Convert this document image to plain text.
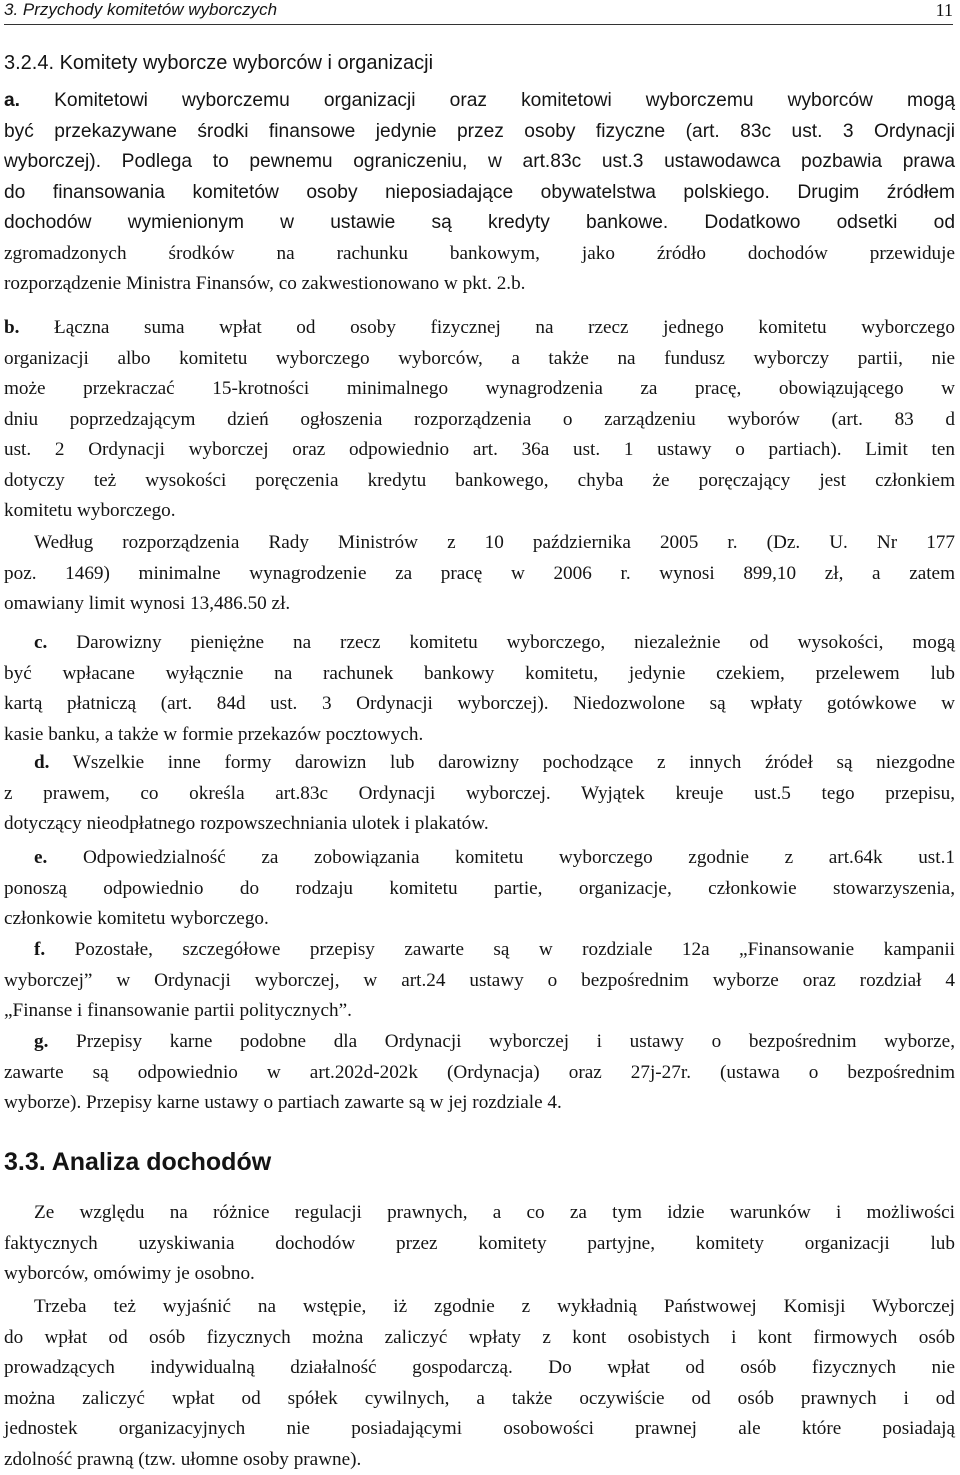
3. Przychody komitetów wyborczych	11
3.2.4. Komitety wyborcze wyborców i organizacji
a. Komitetowi wyborczemu organizacji oraz komitetowi wyborczemu wyborców mogą
być przekazywane środki finansowe jedynie przez osoby fizyczne (art. 83c ust. 3 Ordynacji
wyborczej). Podlega to pewnemu ograniczeniu, w art.83c ust.3 ustawodawca pozbawia prawa
do finansowania komitetów osoby nieposiadające obywatelstwa polskiego. Drugim źródłem
dochodów wymienionym w ustawie są kredyty bankowe. Dodatkowo odsetki od
zgromadzonych środków na rachunku bankowym, jako źródło dochodów przewiduje
rozporządzenie Ministra Finansów, co zakwestionowano w pkt. 2.b.
b. Łączna suma wpłat od osoby fizycznej na rzecz jednego komitetu wyborczego
organizacji albo komitetu wyborczego wyborców, a także na fundusz wyborczy partii, nie
może przekraczać 15-krotności minimalnego wynagrodzenia za pracę, obowiązującego w
dniu poprzedzającym dzień ogłoszenia rozporządzenia o zarządzeniu wyborów (art. 83 d
ust. 2 Ordynacji wyborczej oraz odpowiednio art. 36a ust. 1 ustawy o partiach). Limit ten
dotyczy też wysokości poręczenia kredytu bankowego, chyba że poręczający jest członkiem
komitetu wyborczego.
Według rozporządzenia Rady Ministrów z 10 października 2005 r. (Dz. U. Nr 177
poz. 1469) minimalne wynagrodzenie za pracę w 2006 r. wynosi 899,10 zł, a zatem
omawiany limit wynosi 13,486.50 zł.
c. Darowizny pieniężne na rzecz komitetu wyborczego, niezależnie od wysokości, mogą
być wpłacane wyłącznie na rachunek bankowy komitetu, jedynie czekiem, przelewem lub
kartą płatniczą (art. 84d ust. 3 Ordynacji wyborczej). Niedozwolone są wpłaty gotówkowe w
kasie banku, a także w formie przekazów pocztowych.
d. Wszelkie inne formy darowizn lub darowizny pochodzące z innych źródeł są niezgodne
z prawem, co określa art.83c Ordynacji wyborczej. Wyjątek kreuje ust.5 tego przepisu,
dotyczący nieodpłatnego rozpowszechniania ulotek i plakatów.
e. Odpowiedzialność za zobowiązania komitetu wyborczego zgodnie z art.64k ust.1
ponoszą odpowiednio do rodzaju komitetu partie, organizacje, członkowie stowarzyszenia,
członkowie komitetu wyborczego.
f. Pozostałe, szczegółowe przepisy zawarte są w rozdziale 12a „Finansowanie kampanii
wyborczej” w Ordynacji wyborczej, w art.24 ustawy o bezpośrednim wyborze oraz rozdział 4
„Finanse i finansowanie partii politycznych”.
g. Przepisy karne podobne dla Ordynacji wyborczej i ustawy o bezpośrednim wyborze,
zawarte są odpowiednio w art.202d-202k (Ordynacja) oraz 27j-27r. (ustawa o bezpośrednim
wyborze). Przepisy karne ustawy o partiach zawarte są w jej rozdziale 4.
3.3. Analiza dochodów
Ze względu na różnice regulacji prawnych, a co za tym idzie warunków i możliwości
faktycznych uzyskiwania dochodów przez komitety partyjne, komitety organizacji lub
wyborców, omówimy je osobno.
Trzeba też wyjaśnić na wstępie, iż zgodnie z wykładnią Państwowej Komisji Wyborczej
do wpłat od osób fizycznych można zaliczyć wpłaty z kont osobistych i kont firmowych osób
prowadzących indywidualną działalność gospodarczą. Do wpłat od osób fizycznych nie
można zaliczyć wpłat od spółek cywilnych, a także oczywiście od osób prawnych i od
jednostek organizacyjnych nie posiadającymi osobowości prawnej ale które posiadają
zdolność prawną (tzw. ułomne osoby prawne).
